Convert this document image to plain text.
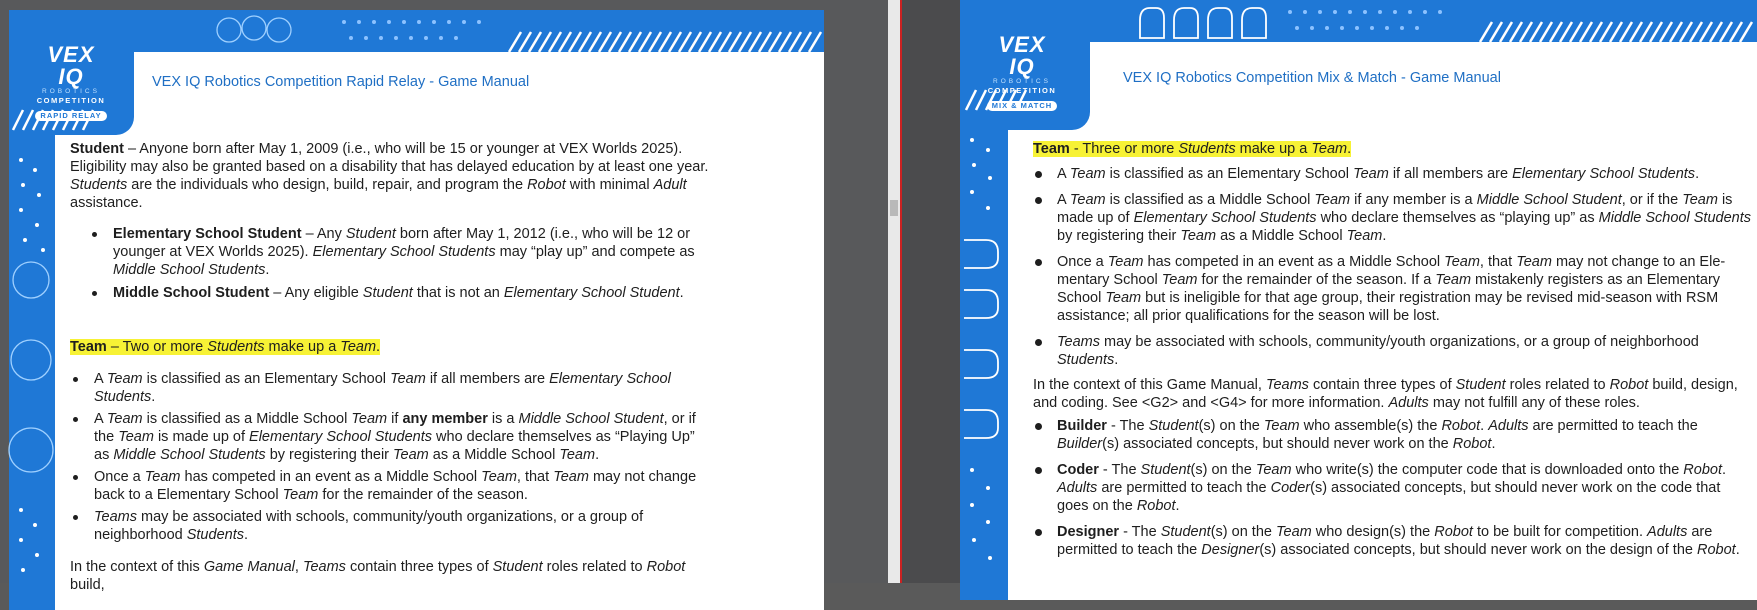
VEX IQ
ROBOTICS
COMPETITION
RAPID RELAY
VEX IQ Robotics Competition Rapid Relay - Game Manual

Student – Anyone born after May 1, 2009 (i.e., who will be 15 or younger at VEX Worlds 2025). Eligibility may also be granted based on a disability that has delayed education by at least one year. Students are the individuals who design, build, repair, and program the Robot with minimal Adult assistance.

Elementary School Student – Any Student born after May 1, 2012 (i.e., who will be 12 or younger at VEX Worlds 2025). Elementary School Students may “play up” and compete as Middle School Students.
Middle School Student – Any eligible Student that is not an Elementary School Student.

Team – Two or more Students make up a Team.

A Team is classified as an Elementary School Team if all members are Elementary School Students.
A Team is classified as a Middle School Team if any member is a Middle School Student, or if the Team is made up of Elementary School Students who declare themselves as “Playing Up” as Middle School Students by registering their Team as a Middle School Team.
Once a Team has competed in an event as a Middle School Team, that Team may not change back to a Elementary School Team for the remainder of the season.
Teams may be associated with schools, community/youth organizations, or a group of neighborhood Students.

In the context of this Game Manual, Teams contain three types of Student roles related to Robot build,

VEX IQ
ROBOTICS
COMPETITION
MIX & MATCH
VEX IQ Robotics Competition Mix & Match - Game Manual

Team - Three or more Students make up a Team.

A Team is classified as an Elementary School Team if all members are Elementary School Students.
A Team is classified as a Middle School Team if any member is a Middle School Student, or if the Team is made up of Elementary School Students who declare themselves as “playing up” as Middle School Students by registering their Team as a Middle School Team.
Once a Team has competed in an event as a Middle School Team, that Team may not change to an Elementary School Team for the remainder of the season. If a Team mistakenly registers as an Elementary School Team but is ineligible for that age group, their registration may be revised mid-season with RSM assistance; all prior qualifications for the season will be lost.
Teams may be associated with schools, community/youth organizations, or a group of neighborhood Students.

In the context of this Game Manual, Teams contain three types of Student roles related to Robot build, design, and coding. See <G2> and <G4> for more information. Adults may not fulfill any of these roles.

Builder - The Student(s) on the Team who assemble(s) the Robot. Adults are permitted to teach the Builder(s) associated concepts, but should never work on the Robot.
Coder - The Student(s) on the Team who write(s) the computer code that is downloaded onto the Robot. Adults are permitted to teach the Coder(s) associated concepts, but should never work on the code that goes on the Robot.
Designer - The Student(s) on the Team who design(s) the Robot to be built for competition. Adults are permitted to teach the Designer(s) associated concepts, but should never work on the design of the Robot.
